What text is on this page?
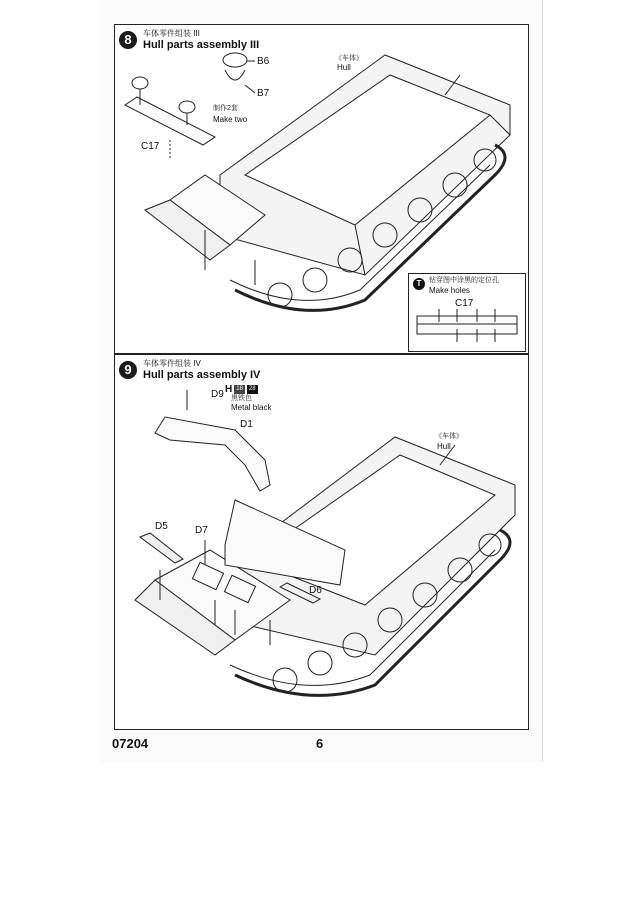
8	车体零件组装 III
Hull parts assembly III
B6
B7
制作2套
Make two
C17
《车体》
Hull
T	钻穿图中涂黑的定位孔
Make holes
C17
9	车体零件组装 IV
Hull parts assembly IV
H 18	28
黑铁色
Metal black
D9
D1
D5	D7
D6
《车体》
Hull
07204	6
